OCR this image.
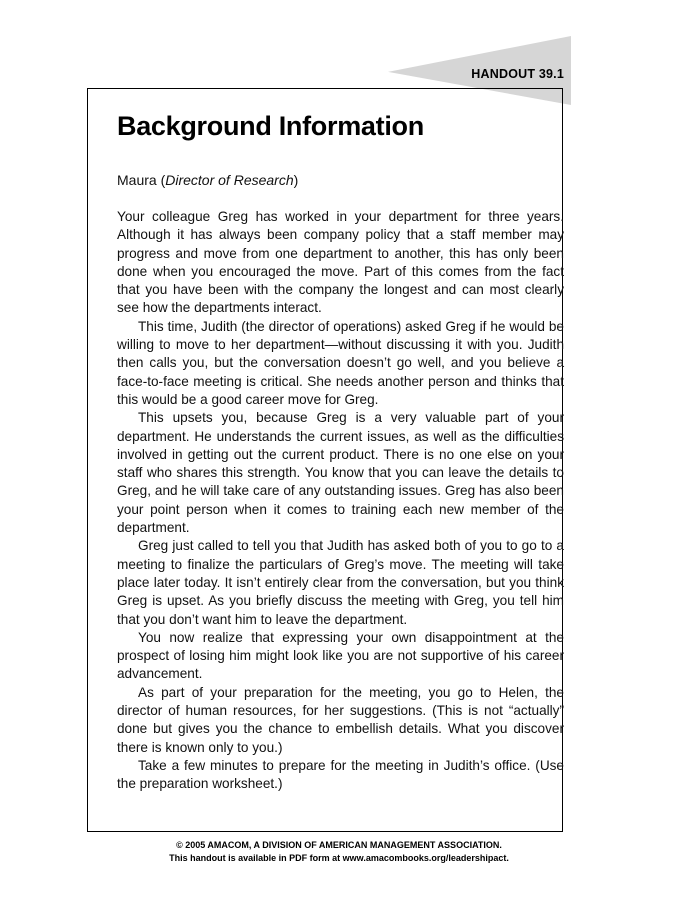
HANDOUT 39.1
Background Information
Maura (Director of Research)

Your colleague Greg has worked in your department for three years. Although it has always been company policy that a staff member may progress and move from one department to another, this has only been done when you encouraged the move. Part of this comes from the fact that you have been with the company the longest and can most clearly see how the departments interact.

This time, Judith (the director of operations) asked Greg if he would be willing to move to her department—without discussing it with you. Judith then calls you, but the conversation doesn’t go well, and you believe a face-to-face meeting is critical. She needs another person and thinks that this would be a good career move for Greg.

This upsets you, because Greg is a very valuable part of your department. He understands the current issues, as well as the difficulties involved in getting out the current product. There is no one else on your staff who shares this strength. You know that you can leave the details to Greg, and he will take care of any outstanding issues. Greg has also been your point person when it comes to training each new member of the department.

Greg just called to tell you that Judith has asked both of you to go to a meeting to finalize the particulars of Greg’s move. The meeting will take place later today. It isn’t entirely clear from the conversation, but you think Greg is upset. As you briefly discuss the meeting with Greg, you tell him that you don’t want him to leave the department.

You now realize that expressing your own disappointment at the prospect of losing him might look like you are not supportive of his career advancement.

As part of your preparation for the meeting, you go to Helen, the director of human resources, for her suggestions. (This is not “actually” done but gives you the chance to embellish details. What you discover there is known only to you.)

Take a few minutes to prepare for the meeting in Judith’s office. (Use the preparation worksheet.)

© 2005 AMACOM, A DIVISION OF AMERICAN MANAGEMENT ASSOCIATION.
This handout is available in PDF form at www.amacombooks.org/leadershipact.
